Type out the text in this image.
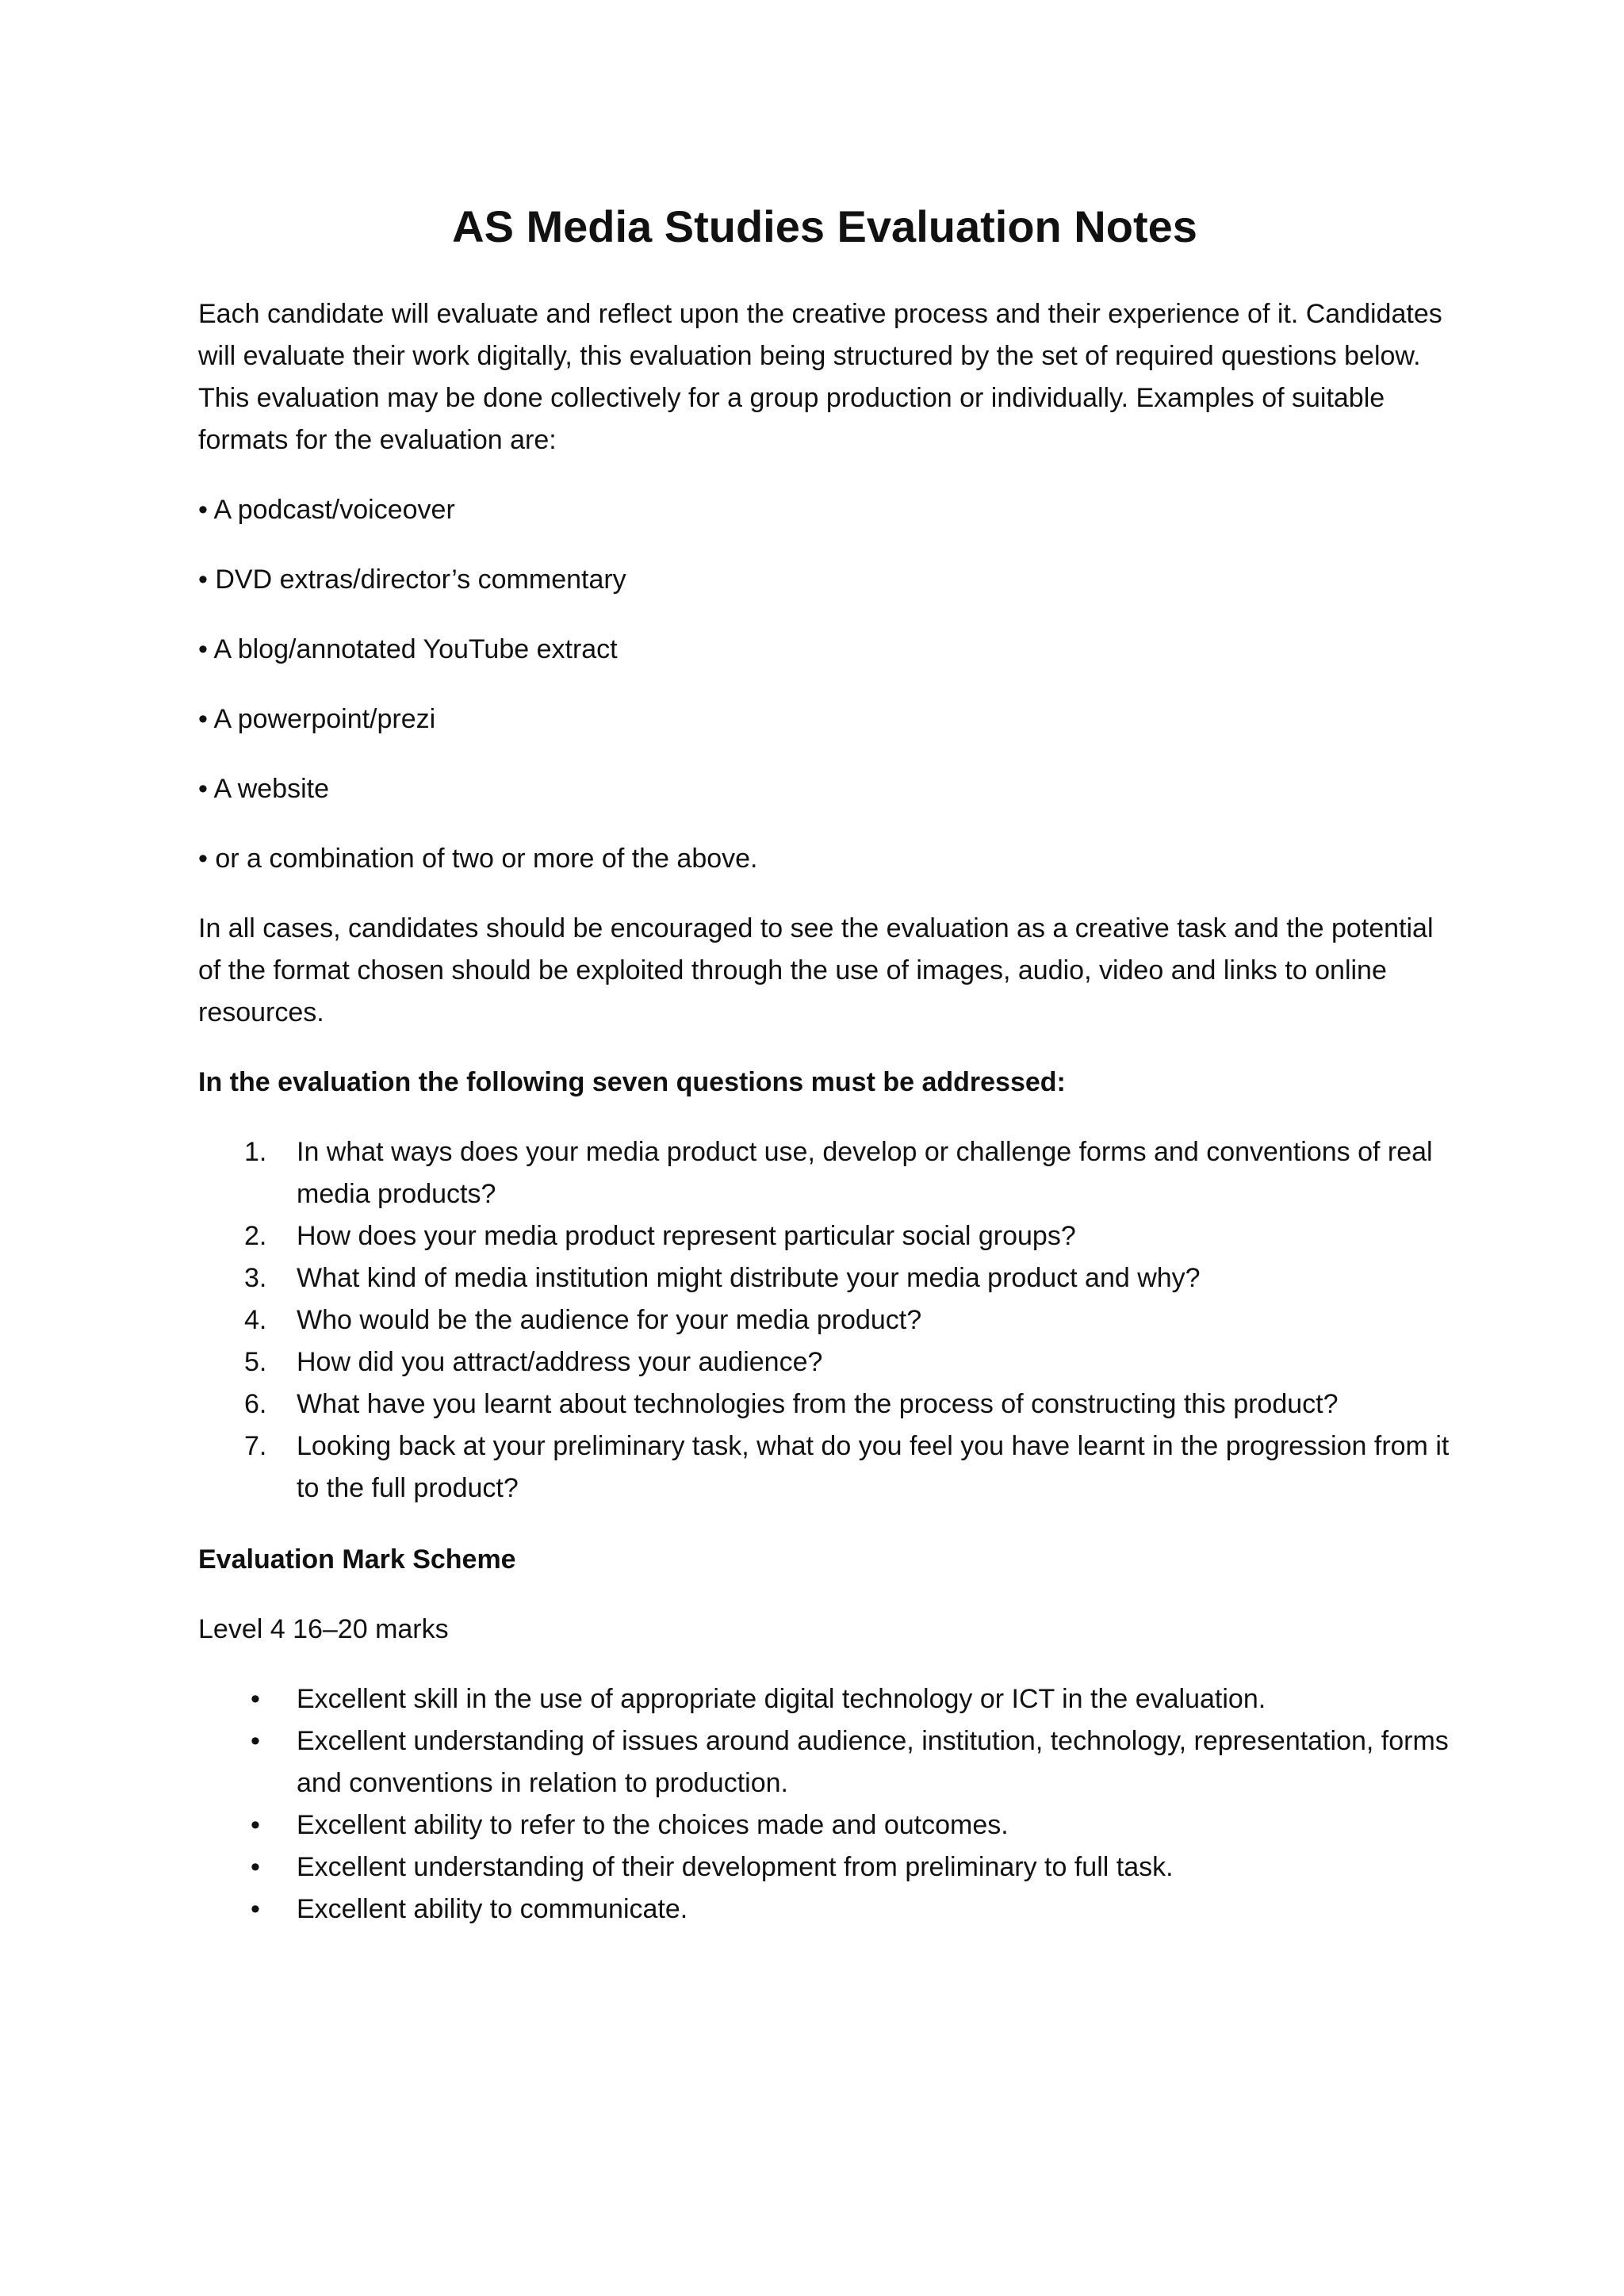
AS Media Studies Evaluation Notes

Each candidate will evaluate and reflect upon the creative process and their experience of it. Candidates will evaluate their work digitally, this evaluation being structured by the set of required questions below. This evaluation may be done collectively for a group production or individually. Examples of suitable formats for the evaluation are:

• A podcast/voiceover

• DVD extras/director’s commentary

• A blog/annotated YouTube extract

• A powerpoint/prezi

• A website

• or a combination of two or more of the above.

In all cases, candidates should be encouraged to see the evaluation as a creative task and the potential of the format chosen should be exploited through the use of images, audio, video and links to online resources.

In the evaluation the following seven questions must be addressed:

1. In what ways does your media product use, develop or challenge forms and conventions of real media products?
2. How does your media product represent particular social groups?
3. What kind of media institution might distribute your media product and why?
4. Who would be the audience for your media product?
5. How did you attract/address your audience?
6. What have you learnt about technologies from the process of constructing this product?
7. Looking back at your preliminary task, what do you feel you have learnt in the progression from it to the full product?

Evaluation Mark Scheme

Level 4 16–20 marks

• Excellent skill in the use of appropriate digital technology or ICT in the evaluation.
• Excellent understanding of issues around audience, institution, technology, representation, forms and conventions in relation to production.
• Excellent ability to refer to the choices made and outcomes.
• Excellent understanding of their development from preliminary to full task.
• Excellent ability to communicate.
